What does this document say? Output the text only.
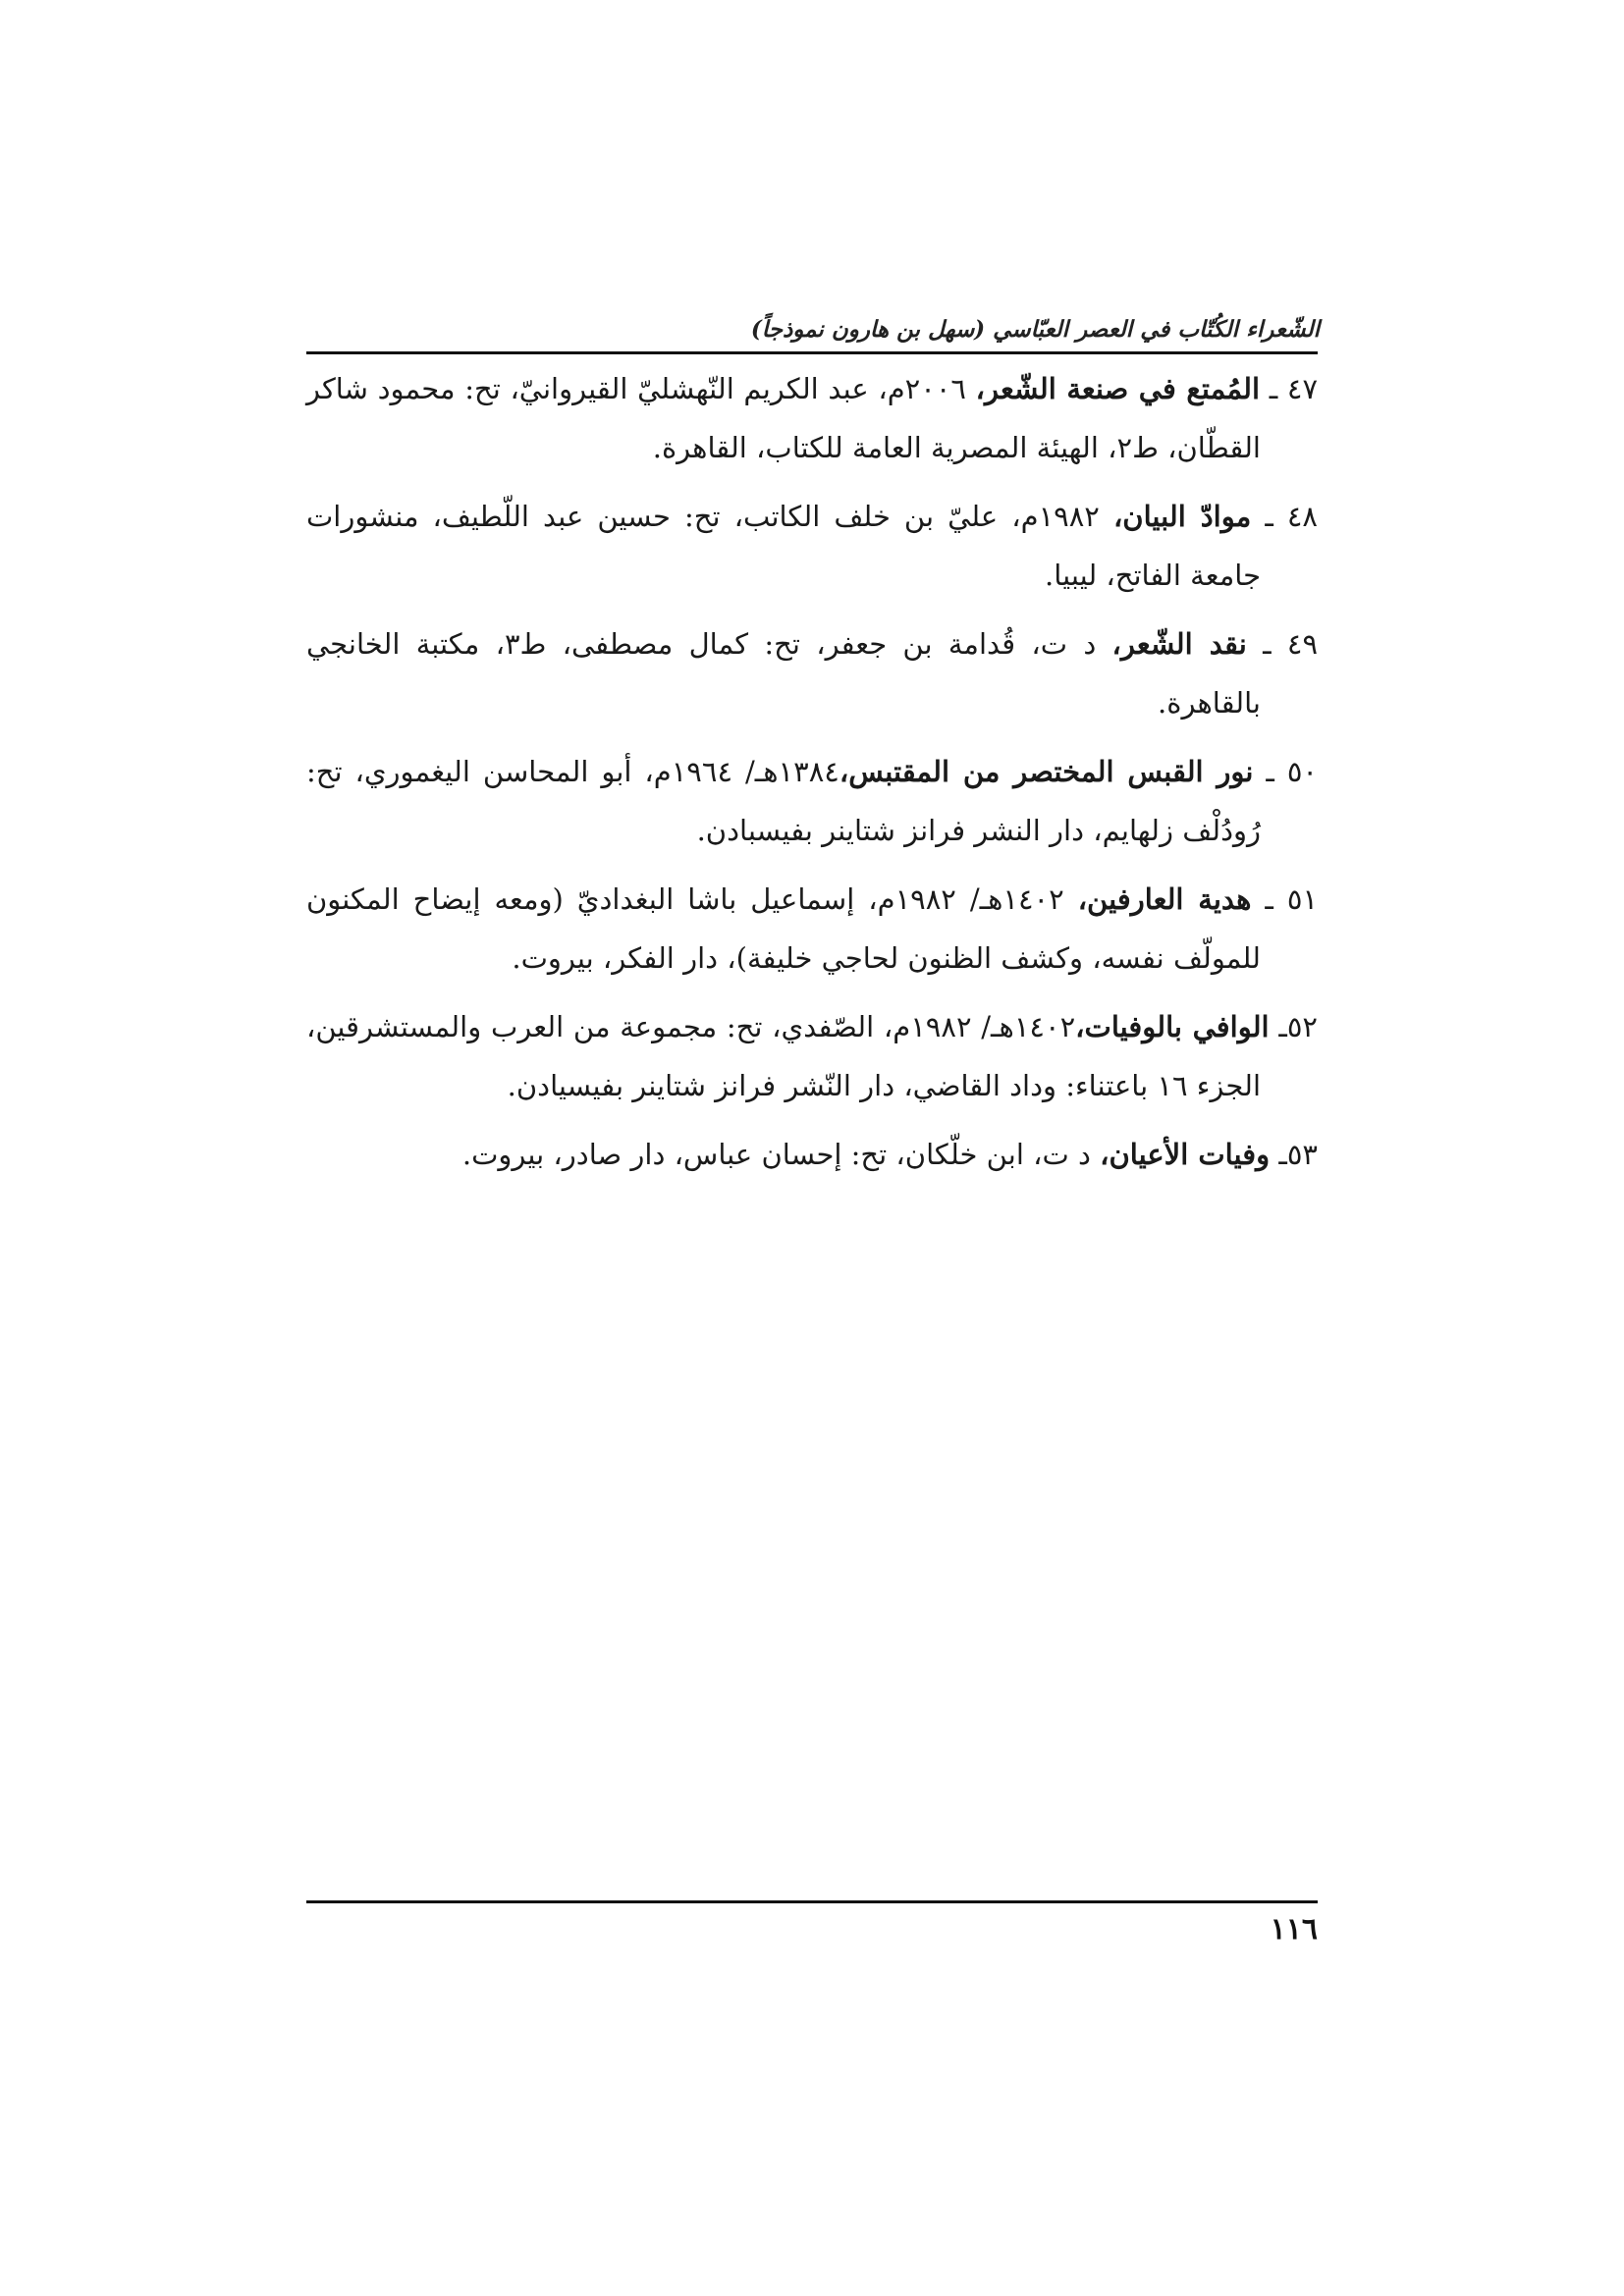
الشّعراء الكُتّاب في العصر العبّاسي (سهل بن هارون نموذجاً)

٤٧ ـ المُمتع في صنعة الشّعر، ٢٠٠٦م، عبد الكريم النّهشليّ القيروانيّ، تح: محمود شاكر القطّان، ط٢، الهيئة المصرية العامة للكتاب، القاهرة.

٤٨ ـ موادّ البيان، ١٩٨٢م، عليّ بن خلف الكاتب، تح: حسين عبد اللّطيف، منشورات جامعة الفاتح، ليبيا.

٤٩ ـ نقد الشّعر، د ت، قُدامة بن جعفر، تح: كمال مصطفى، ط٣، مكتبة الخانجي بالقاهرة.

٥٠ ـ نور القبس المختصر من المقتبس،١٣٨٤هـ/ ١٩٦٤م، أبو المحاسن اليغموري، تح: رُودُلْف زلهايم، دار النشر فرانز شتاينر بفيسبادن.

٥١ ـ هدية العارفين، ١٤٠٢هـ/ ١٩٨٢م، إسماعيل باشا البغداديّ (ومعه إيضاح المكنون للمولّف نفسه، وكشف الظنون لحاجي خليفة)، دار الفكر، بيروت.

٥٢ـ الوافي بالوفيات،١٤٠٢هـ/ ١٩٨٢م، الصّفدي، تح: مجموعة من العرب والمستشرقين، الجزء ١٦ باعتناء: وداد القاضي، دار النّشر فرانز شتاينر بفيسيادن.

٥٣ـ وفيات الأعيان، د ت، ابن خلّكان، تح: إحسان عباس، دار صادر، بيروت.

١١٦
